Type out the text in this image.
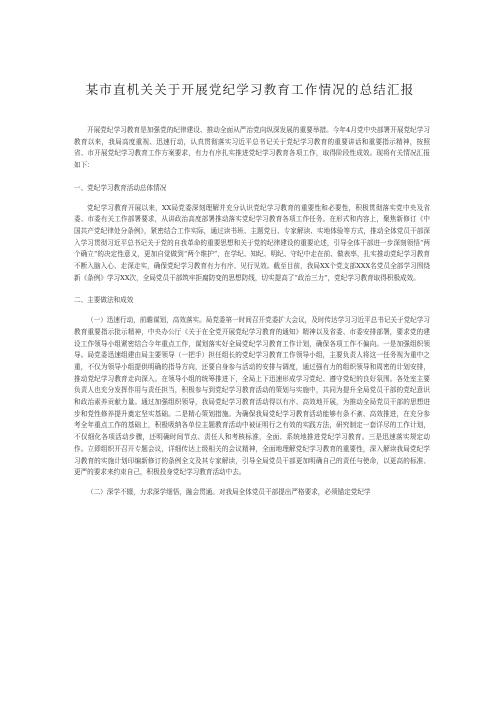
某市直机关关于开展党纪学习教育工作情况的总结汇报

开展党纪学习教育是加强党的纪律建设、推动全面从严治党向纵深发展的重要举措。今年4月党中央部署开展党纪学习教育以来，我局高度重视、迅速行动，认真贯彻落实习近平总书记关于党纪学习教育的重要讲话和重要指示精神，按照省、市开展党纪学习教育工作方案要求，有力有序扎实推进党纪学习教育各项工作，取得阶段性成效。现将有关情况汇报如下：

一、党纪学习教育活动总体情况

党纪学习教育开展以来，XX局党委深刻理解并充分认识党纪学习教育的重要性和必要性，积极贯彻落实党中央及省委、市委有关工作部署要求，从讲政治高度部署推动落实党纪学习教育各项工作任务。在形式和内容上，聚焦新修订《中国共产党纪律处分条例》，紧密结合工作实际，通过读书班、主题党日、专家解读、实地体验等方式，推动全体党员干部深入学习贯彻习近平总书记关于党的自我革命的重要思想和关于党的纪律建设的重要论述，引导全体干部进一步深刻领悟“两个确立”的决定性意义，更加自觉做到“两个维护”，在学纪、知纪、明纪、守纪中走在前、做表率，扎实推动党纪学习教育不断入脑入心、走深走实，确保党纪学习教育有力有序、见行见效。截至目前，我局XX个党支部XXX名党员全部学习围绕新《条例》学习XX次，全局党员干部筑牢拒腐防变的思想防线，切实提高了“政治三力”，党纪学习教育取得积极成效。

二、主要做法和成效

（一）迅速行动，前瞻谋划，高效落实。局党委第一时间召开党委扩大会议，及时传达学习习近平总书记关于党纪学习教育重要指示批示精神，中央办公厅《关于在全党开展党纪学习教育的通知》精神以及省委、市委安排部署，要求党的建设工作领导小组紧密结合今年重点工作，谋划落实好全局党纪学习教育工作计划，确保各项工作不偏向。一是加强组织领导。局党委迅速组建由局主要领导（一把手）担任组长的党纪学习教育工作领导小组，主要负责人将这一任务视为重中之重，不仅为领导小组提供明确的指导方向，还要自身参与活动的安排与调度，通过强有力的组织领导和周密的计划安排，推动党纪学习教育走向深入。在领导小组的统筹推进下，全局上下迅速形成学习党纪、遵守党纪的良好氛围。各处室主要负责人也充分发挥作用与责任担当，积极参与到党纪学习教育活动的策划与实施中，共同为提升全局党员干部的党纪意识和政治素养贡献力量。通过加强组织领导，我局党纪学习教育活动得以有序、高效地开展，为推动全局党员干部的思想进步和党性修养提升奠定坚实基础。二是精心策划措施。为确保我局党纪学习教育活动能够有条不紊、高效推进，在充分参考全年重点工作的基础上，积极吸纳各单位主题教育活动中被证明行之有效的实践方法，研究制定一套详尽的工作计划，不仅细化各项活动步骤，还明确时间节点、责任人和考核标准，全面、系统地推进党纪学习教育。三是迅速落实规定动作。立即组织开召开专题会议，详细传达上级相关的会议精神，全面地理解党纪学习教育的重要性，深入解读我局党纪学习教育的实施计划印编新修订的条例全文及其专家解读，引导全局党员干部更加明确自己的责任与使命，以更高的标准、更严的要求来约束自己，积极投身党纪学习教育活动中去。

（二）深学不辍，力求深学细悟，融会贯通。对我局全体党员干部提出严格要求，必须锚定党纪学
